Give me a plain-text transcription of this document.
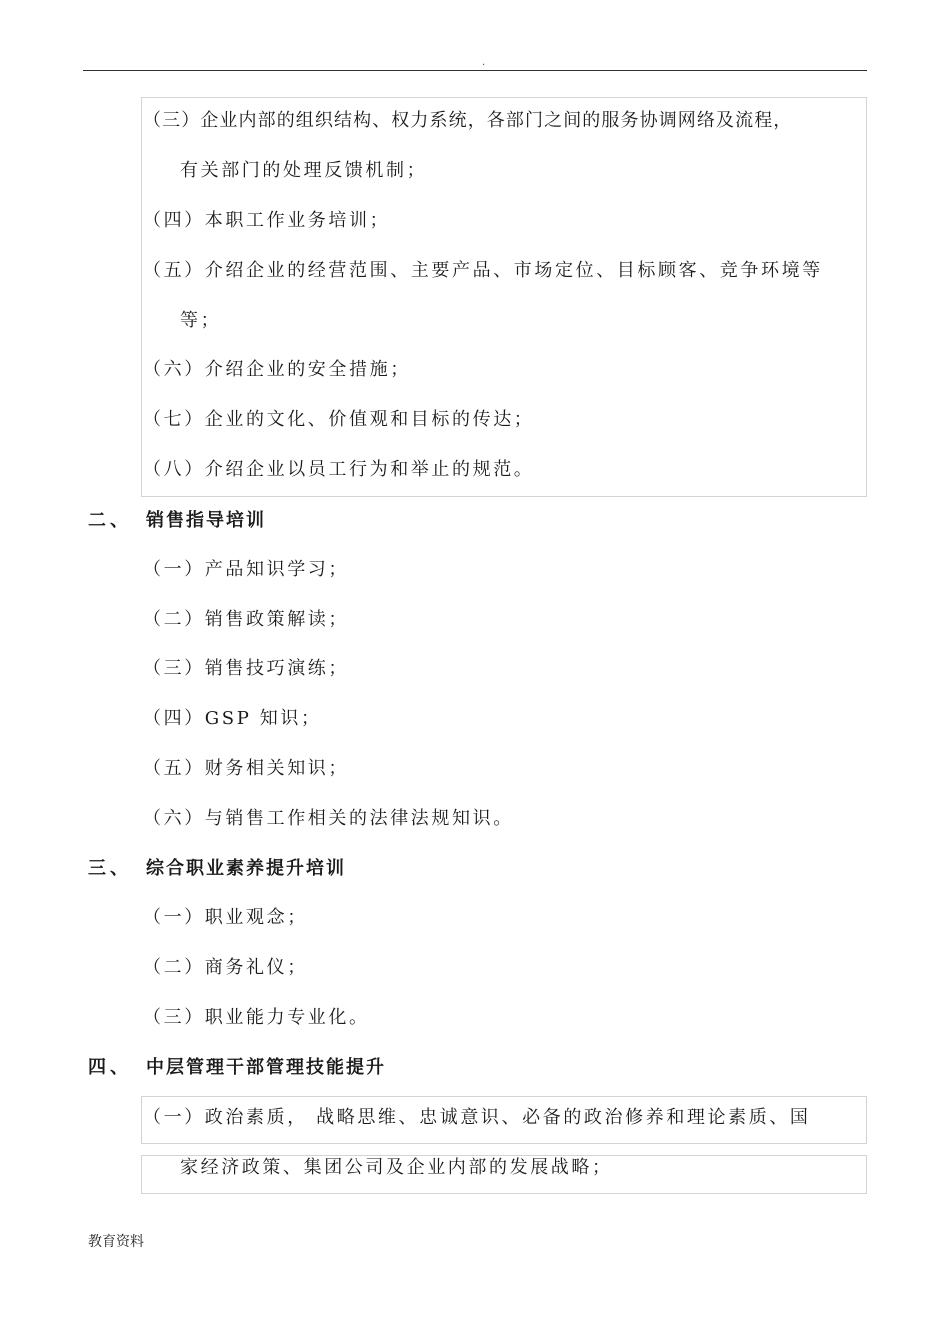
.
（三）企业内部的组织结构、权力系统，各部门之间的服务协调网络及流程，
有关部门的处理反馈机制；
（四）本职工作业务培训；
（五）介绍企业的经营范围、主要产品、市场定位、目标顾客、竞争环境等
等；
（六）介绍企业的安全措施；
（七）企业的文化、价值观和目标的传达；
（八）介绍企业以员工行为和举止的规范。
二、 销售指导培训
（一）产品知识学习；
（二）销售政策解读；
（三）销售技巧演练；
（四）GSP 知识；
（五）财务相关知识；
（六）与销售工作相关的法律法规知识。
三、 综合职业素养提升培训
（一）职业观念；
（二）商务礼仪；
（三）职业能力专业化。
四、 中层管理干部管理技能提升
（一）政治素质， 战略思维、忠诚意识、必备的政治修养和理论素质、国
家经济政策、集团公司及企业内部的发展战略；
教育资料
